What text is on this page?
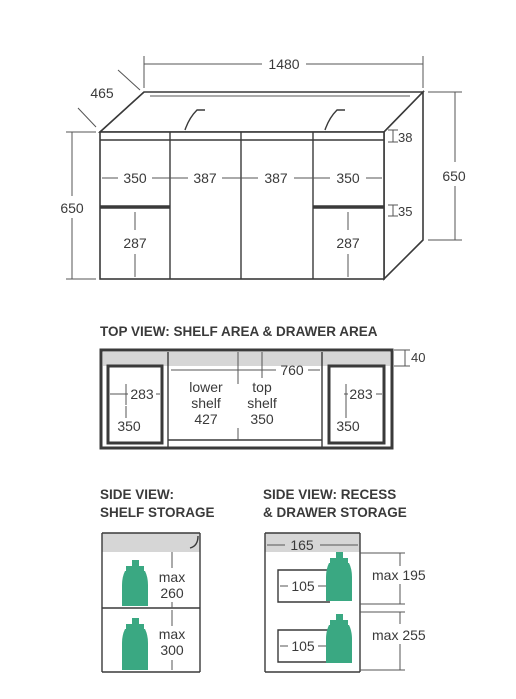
1480
465
650
650
38
35
350	387	387	350
287	287
TOP VIEW: SHELF AREA & DRAWER AREA
40
760
283
350
lower
shelf
427
top
shelf
350
283
350
SIDE VIEW:
SHELF STORAGE
max
260
max
300
SIDE VIEW: RECESS
& DRAWER STORAGE
165
105
105
max 195
max 255
